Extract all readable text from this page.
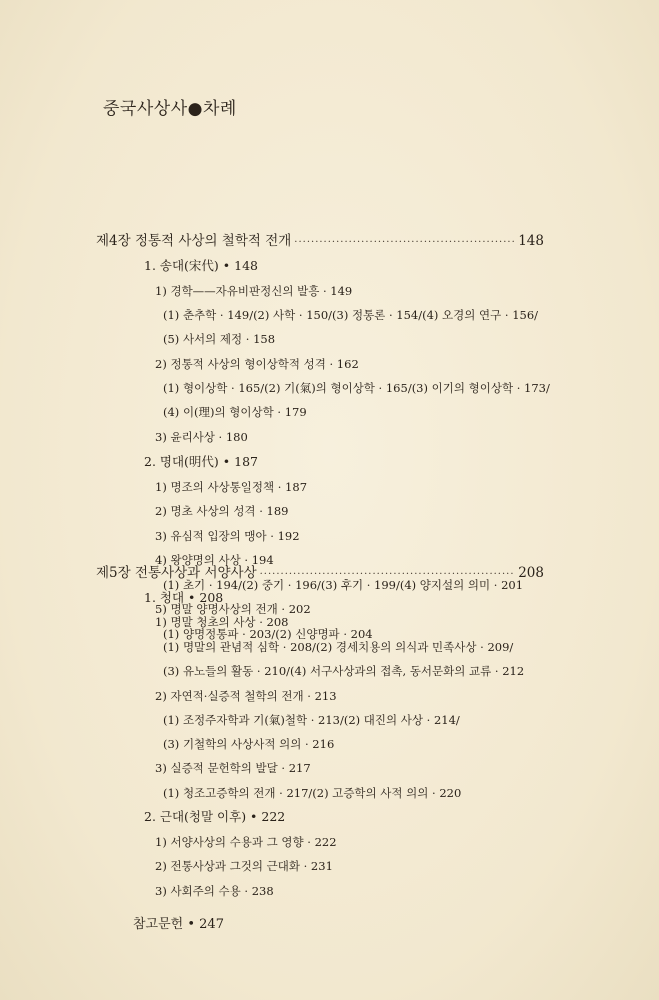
중국사상사●차례
제4장 정통적 사상의 철학적 전개 ·····	148
1. 송대(宋代) • 148
1) 경학——자유비판정신의 발흥 · 149
(1) 춘추학 · 149/(2) 사학 · 150/(3) 정통론 · 154/(4) 오경의 연구 · 156/
(5) 사서의 제정 · 158
2) 정통적 사상의 형이상학적 성격 · 162
(1) 형이상학 · 165/(2) 기(氣)의 형이상학 · 165/(3) 이기의 형이상학 · 173/
(4) 이(理)의 형이상학 · 179
3) 윤리사상 · 180
2. 명대(明代) • 187
1) 명조의 사상통일정책 · 187
2) 명초 사상의 성격 · 189
3) 유심적 입장의 맹아 · 192
4) 왕양명의 사상 · 194
(1) 초기 · 194/(2) 중기 · 196/(3) 후기 · 199/(4) 양지설의 의미 · 201
5) 명말 양명사상의 전개 · 202
(1) 양명정통파 · 203/(2) 신양명파 · 204
제5장 전통사상과 서양사상 ·····	208
1. 청대 • 208
1) 명말 청초의 사상 · 208
(1) 명말의 관념적 심학 · 208/(2) 경세치용의 의식과 민족사상 · 209/
(3) 유노들의 활동 · 210/(4) 서구사상과의 접촉, 동서문화의 교류 · 212
2) 자연적·실증적 철학의 전개 · 213
(1) 조정주자학과 기(氣)철학 · 213/(2) 대진의 사상 · 214/
(3) 기철학의 사상사적 의의 · 216
3) 실증적 문헌학의 발달 · 217
(1) 청조고증학의 전개 · 217/(2) 고증학의 사적 의의 · 220
2. 근대(청말 이후) • 222
1) 서양사상의 수용과 그 영향 · 222
2) 전통사상과 그것의 근대화 · 231
3) 사회주의 수용 · 238
참고문헌 • 247
